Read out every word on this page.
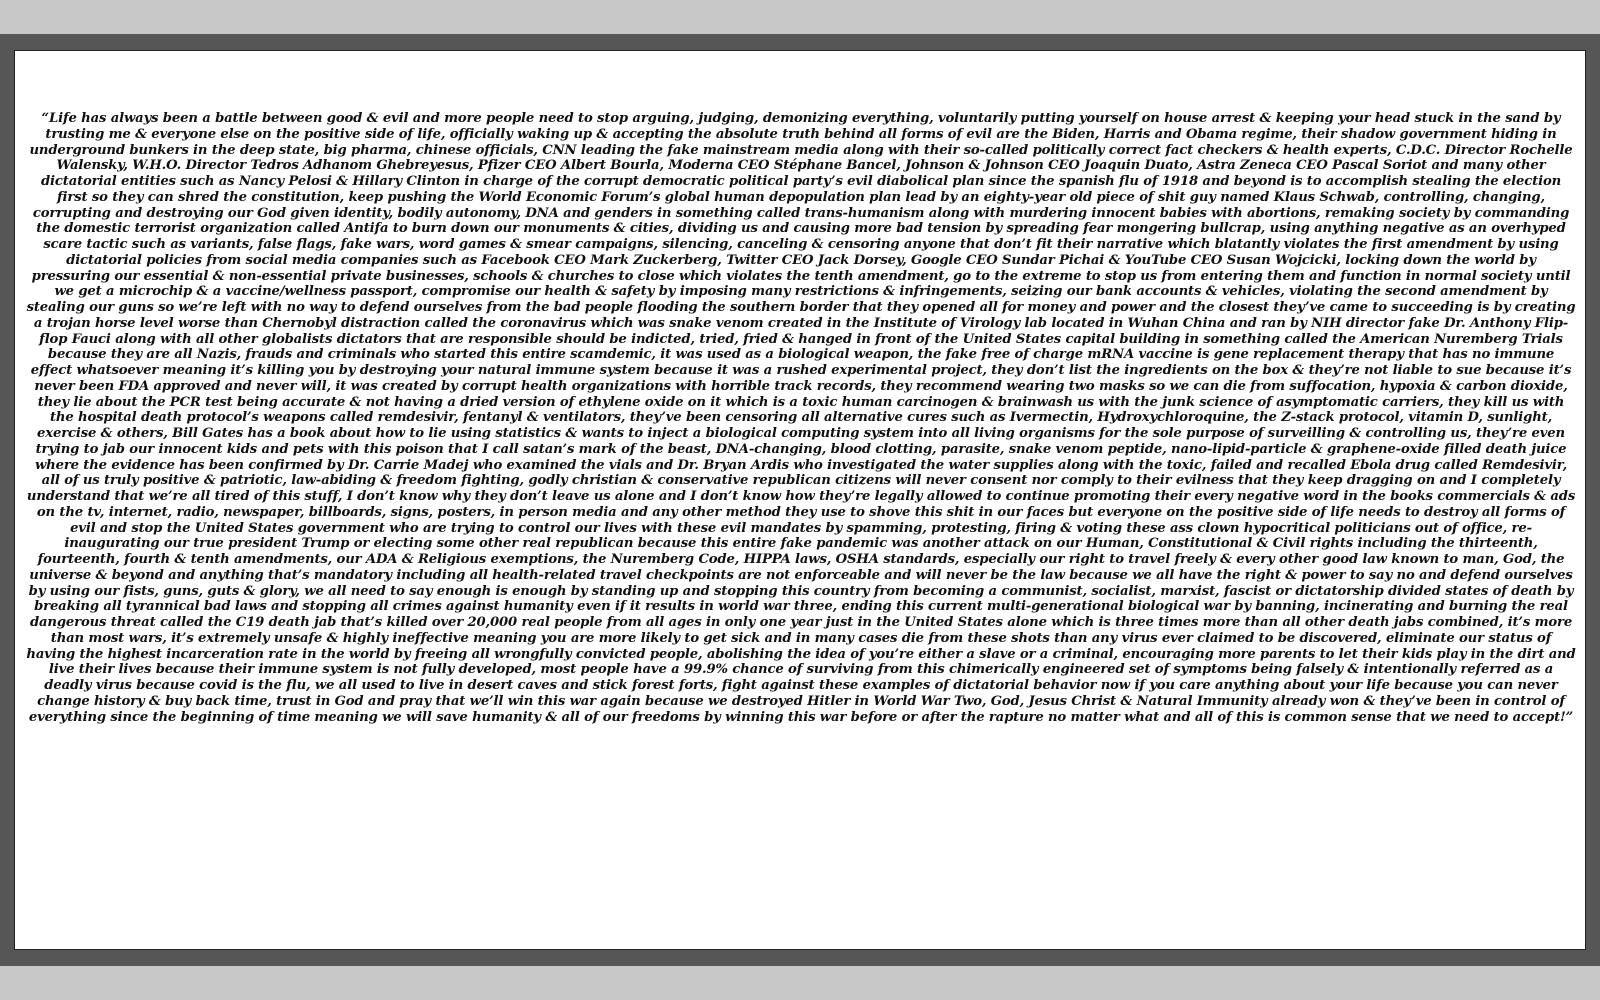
“Life has always been a battle between good & evil and more people need to stop arguing, judging, demonizing everything, voluntarily putting yourself on house arrest & keeping your head stuck in the sand by trusting me & everyone else on the positive side of life, officially waking up & accepting the absolute truth behind all forms of evil are the Biden, Harris and Obama regime, their shadow government hiding in underground bunkers in the deep state, big pharma, chinese officials, CNN leading the fake mainstream media along with their so-called politically correct fact checkers & health experts, C.D.C. Director Rochelle Walensky, W.H.O. Director Tedros Adhanom Ghebreyesus, Pfizer CEO Albert Bourla, Moderna CEO Stéphane Bancel, Johnson & Johnson CEO Joaquin Duato, Astra Zeneca CEO Pascal Soriot and many other dictatorial entities such as Nancy Pelosi & Hillary Clinton in charge of the corrupt democratic political party’s evil diabolical plan since the spanish flu of 1918 and beyond is to accomplish stealing the election first so they can shred the constitution, keep pushing the World Economic Forum’s global human depopulation plan lead by an eighty-year old piece of shit guy named Klaus Schwab, controlling, changing, corrupting and destroying our God given identity, bodily autonomy, DNA and genders in something called trans-humanism along with murdering innocent babies with abortions, remaking society by commanding the domestic terrorist organization called Antifa to burn down our monuments & cities, dividing us and causing more bad tension by spreading fear mongering bullcrap, using anything negative as an overhyped scare tactic such as variants, false flags, fake wars, word games & smear campaigns, silencing, canceling & censoring anyone that don’t fit their narrative which blatantly violates the first amendment by using dictatorial policies from social media companies such as Facebook CEO Mark Zuckerberg, Twitter CEO Jack Dorsey, Google CEO Sundar Pichai & YouTube CEO Susan Wojcicki, locking down the world by pressuring our essential & non-essential private businesses, schools & churches to close which violates the tenth amendment, go to the extreme to stop us from entering them and function in normal society until we get a microchip & a vaccine/wellness passport, compromise our health & safety by imposing many restrictions & infringements, seizing our bank accounts & vehicles, violating the second amendment by stealing our guns so we’re left with no way to defend ourselves from the bad people flooding the southern border that they opened all for money and power and the closest they’ve came to succeeding is by creating a trojan horse level worse than Chernobyl distraction called the coronavirus which was snake venom created in the Institute of Virology lab located in Wuhan China and ran by NIH director fake Dr. Anthony Flip-flop Fauci along with all other globalists dictators that are responsible should be indicted, tried, fried & hanged in front of the United States capital building in something called the American Nuremberg Trials because they are all Nazis, frauds and criminals who started this entire scamdemic, it was used as a biological weapon, the fake free of charge mRNA vaccine is gene replacement therapy that has no immune effect whatsoever meaning it’s killing you by destroying your natural immune system because it was a rushed experimental project, they don’t list the ingredients on the box & they’re not liable to sue because it’s never been FDA approved and never will, it was created by corrupt health organizations with horrible track records, they recommend wearing two masks so we can die from suffocation, hypoxia & carbon dioxide, they lie about the PCR test being accurate & not having a dried version of ethylene oxide on it which is a toxic human carcinogen & brainwash us with the junk science of asymptomatic carriers, they kill us with the hospital death protocol’s weapons called remdesivir, fentanyl & ventilators, they’ve been censoring all alternative cures such as Ivermectin, Hydroxychloroquine, the Z-stack protocol, vitamin D, sunlight, exercise & others, Bill Gates has a book about how to lie using statistics & wants to inject a biological computing system into all living organisms for the sole purpose of surveilling & controlling us, they’re even trying to jab our innocent kids and pets with this poison that I call satan’s mark of the beast, DNA-changing, blood clotting, parasite, snake venom peptide, nano-lipid-particle & graphene-oxide filled death juice where the evidence has been confirmed by Dr. Carrie Madej who examined the vials and Dr. Bryan Ardis who investigated the water supplies along with the toxic, failed and recalled Ebola drug called Remdesivir, all of us truly positive & patriotic, law-abiding & freedom fighting, godly christian & conservative republican citizens will never consent nor comply to their evilness that they keep dragging on and I completely understand that we’re all tired of this stuff, I don’t know why they don’t leave us alone and I don’t know how they’re legally allowed to continue promoting their every negative word in the books commercials & ads on the tv, internet, radio, newspaper, billboards, signs, posters, in person media and any other method they use to shove this shit in our faces but everyone on the positive side of life needs to destroy all forms of evil and stop the United States government who are trying to control our lives with these evil mandates by spamming, protesting, firing & voting these ass clown hypocritical politicians out of office, re-inaugurating our true president Trump or electing some other real republican because this entire fake pandemic was another attack on our Human, Constitutional & Civil rights including the thirteenth, fourteenth, fourth & tenth amendments, our ADA & Religious exemptions, the Nuremberg Code, HIPPA laws, OSHA standards, especially our right to travel freely & every other good law known to man, God, the universe & beyond and anything that’s mandatory including all health-related travel checkpoints are not enforceable and will never be the law because we all have the right & power to say no and defend ourselves by using our fists, guns, guts & glory, we all need to say enough is enough by standing up and stopping this country from becoming a communist, socialist, marxist, fascist or dictatorship divided states of death by breaking all tyrannical bad laws and stopping all crimes against humanity even if it results in world war three, ending this current multi-generational biological war by banning, incinerating and burning the real dangerous threat called the C19 death jab that’s killed over 20,000 real people from all ages in only one year just in the United States alone which is three times more than all other death jabs combined, it’s more than most wars, it’s extremely unsafe & highly ineffective meaning you are more likely to get sick and in many cases die from these shots than any virus ever claimed to be discovered, eliminate our status of having the highest incarceration rate in the world by freeing all wrongfully convicted people, abolishing the idea of you’re either a slave or a criminal, encouraging more parents to let their kids play in the dirt and live their lives because their immune system is not fully developed, most people have a 99.9% chance of surviving from this chimerically engineered set of symptoms being falsely & intentionally referred as a deadly virus because covid is the flu, we all used to live in desert caves and stick forest forts, fight against these examples of dictatorial behavior now if you care anything about your life because you can never change history & buy back time, trust in God and pray that we’ll win this war again because we destroyed Hitler in World War Two, God, Jesus Christ & Natural Immunity already won & they’ve been in control of everything since the beginning of time meaning we will save humanity & all of our freedoms by winning this war before or after the rapture no matter what and all of this is common sense that we need to accept!”
